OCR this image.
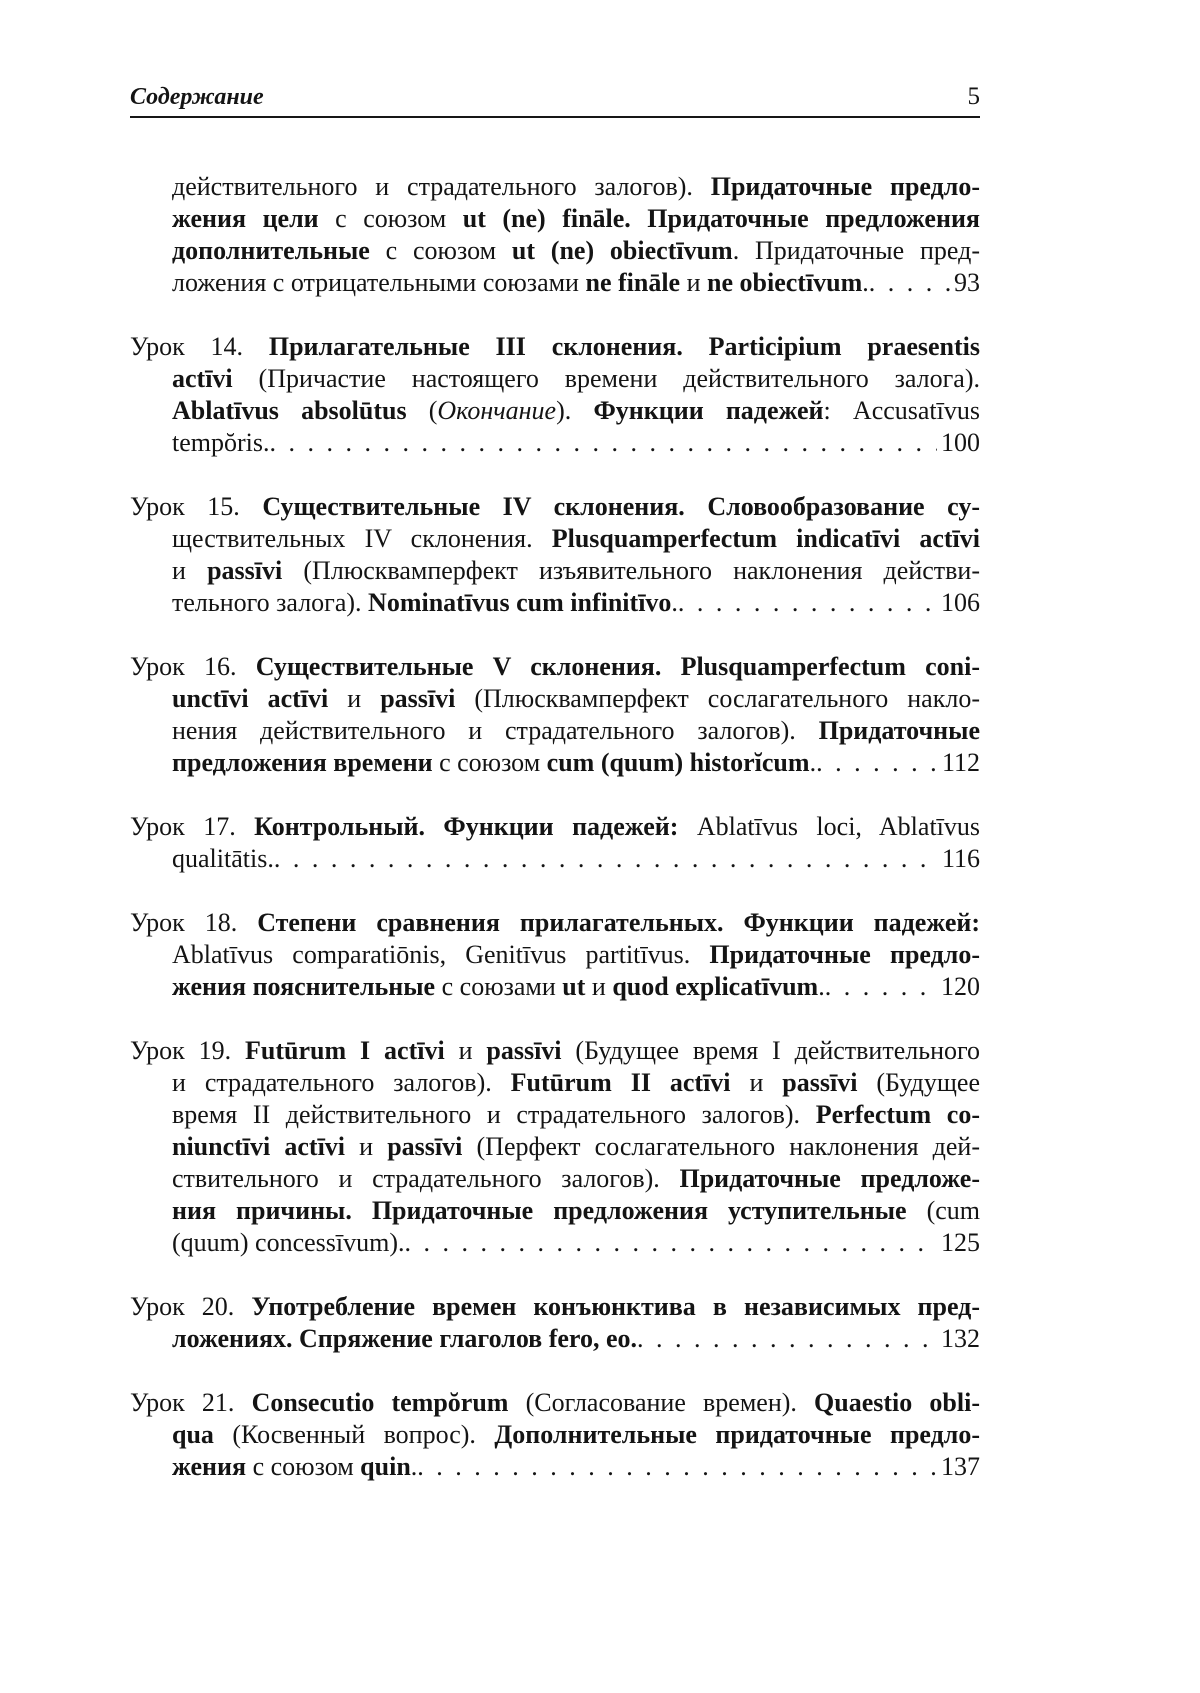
Содержание	5
действительного и страдательного залогов). Придаточные предло-
жения цели с союзом ut (ne) fināle. Придаточные предложения
дополнительные с союзом ut (ne) obiectīvum. Придаточные пред-
ложения с отрицательными союзами ne fināle и ne obiectīvum. . . .	93
Урок 14. Прилагательные III склонения. Participium praesentis
actīvi (Причастие настоящего времени действительного залога).
Ablatīvus absolūtus (Окончание). Функции падежей: Accusatīvus
tempŏris. . . .	100
Урок 15. Существительные IV склонения. Словообразование су-
ществительных IV склонения. Plusquamperfectum indicatīvi actīvi
и passīvi (Плюсквамперфект изъявительного наклонения действи-
тельного залога). Nominatīvus cum infinitīvo. . . .	106
Урок 16. Существительные V склонения. Plusquamperfectum coni-
unctīvi actīvi и passīvi (Плюсквамперфект сослагательного накло-
нения действительного и страдательного залогов). Придаточные
предложения времени с союзом cum (quum) historĭcum. . . .	112
Урок 17. Контрольный. Функции падежей: Ablatīvus loci, Ablatīvus
qualitātis. . . .	116
Урок 18. Степени сравнения прилагательных. Функции падежей:
Ablatīvus comparatiōnis, Genitīvus partitīvus. Придаточные предло-
жения пояснительные с союзами ut и quod explicatīvum. . . .	120
Урок 19. Futūrum I actīvi и passīvi (Будущее время I действительного
и страдательного залогов). Futūrum II actīvi и passīvi (Будущее
время II действительного и страдательного залогов). Perfectum co-
niunctīvi actīvi и passīvi (Перфект сослагательного наклонения дей-
ствительного и страдательного залогов). Придаточные предложе-
ния причины. Придаточные предложения уступительные (cum
(quum) concessīvum). . . .	125
Урок 20. Употребление времен конъюнктива в независимых пред-
ложениях. Спряжение глаголов fero, eo. . . .	132
Урок 21. Consecutio tempŏrum (Согласование времен). Quaestio obli-
qua (Косвенный вопрос). Дополнительные придаточные предло-
жения с союзом quin. . . .	137
